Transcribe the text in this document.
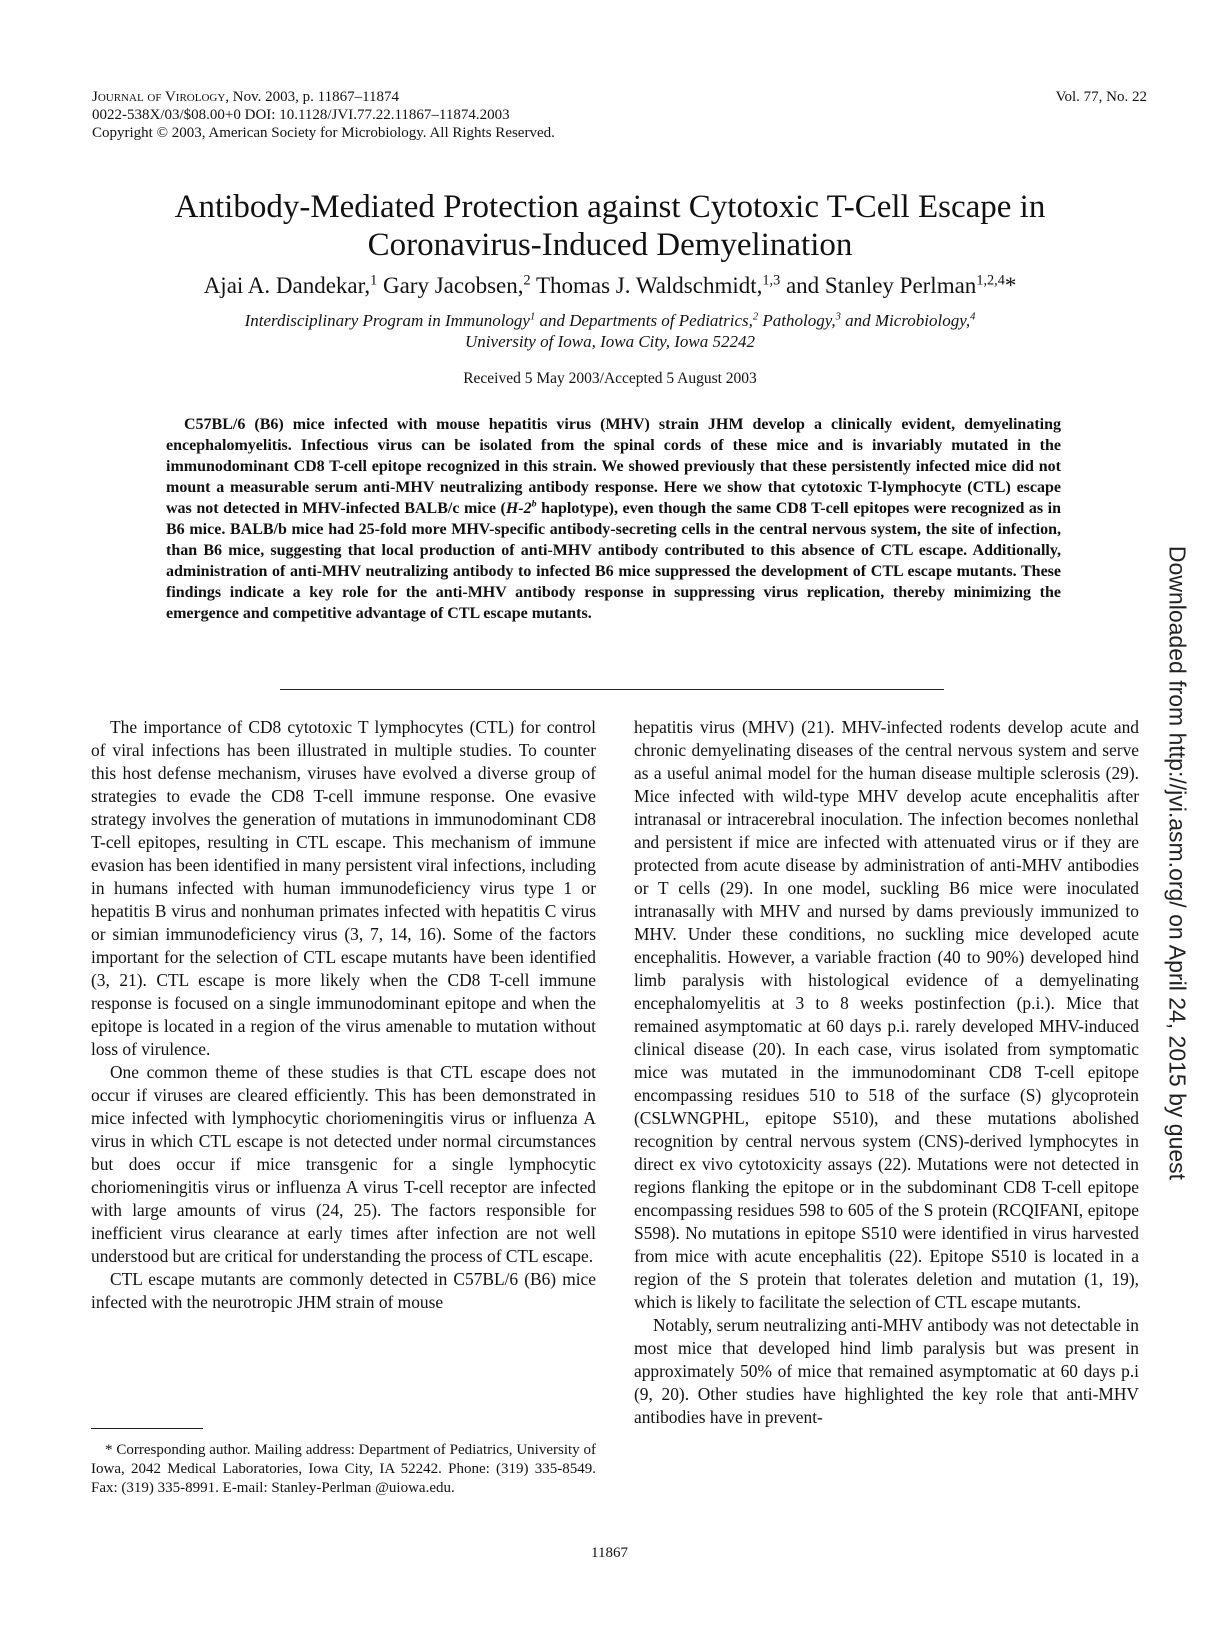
Journal of Virology, Nov. 2003, p. 11867–11874
0022-538X/03/$08.00+0 DOI: 10.1128/JVI.77.22.11867–11874.2003
Copyright © 2003, American Society for Microbiology. All Rights Reserved.
Vol. 77, No. 22
Antibody-Mediated Protection against Cytotoxic T-Cell Escape in
Coronavirus-Induced Demyelination
Ajai A. Dandekar,$^1$ Gary Jacobsen,$^2$ Thomas J. Waldschmidt,$^{1,3}$ and Stanley Perlman$^{1,2,4}$*
Interdisciplinary Program in Immunology$^1$ and Departments of Pediatrics,$^2$ Pathology,$^3$ and Microbiology,$^4$
University of Iowa, Iowa City, Iowa 52242
Received 5 May 2003/Accepted 5 August 2003

C57BL/6 (B6) mice infected with mouse hepatitis virus (MHV) strain JHM develop a clinically evident, demyelinating encephalomyelitis. Infectious virus can be isolated from the spinal cords of these mice and is invariably mutated in the immunodominant CD8 T-cell epitope recognized in this strain. We showed previously that these persistently infected mice did not mount a measurable serum anti-MHV neutralizing antibody response. Here we show that cytotoxic T-lymphocyte (CTL) escape was not detected in MHV-infected BALB/c mice (H-2$^b$ haplotype), even though the same CD8 T-cell epitopes were recognized as in B6 mice. BALB/b mice had 25-fold more MHV-specific antibody-secreting cells in the central nervous system, the site of infection, than B6 mice, suggesting that local production of anti-MHV antibody contributed to this absence of CTL escape. Additionally, administration of anti-MHV neutralizing antibody to infected B6 mice suppressed the development of CTL escape mutants. These findings indicate a key role for the anti-MHV antibody response in suppressing virus replication, thereby minimizing the emergence and competitive advantage of CTL escape mutants.

The importance of CD8 cytotoxic T lymphocytes (CTL) for control of viral infections has been illustrated in multiple studies. To counter this host defense mechanism, viruses have evolved a diverse group of strategies to evade the CD8 T-cell immune response. One evasive strategy involves the generation of mutations in immunodominant CD8 T-cell epitopes, resulting in CTL escape. This mechanism of immune evasion has been identified in many persistent viral infections, including in humans infected with human immunodeficiency virus type 1 or hepatitis B virus and nonhuman primates infected with hepatitis C virus or simian immunodeficiency virus (3, 7, 14, 16). Some of the factors important for the selection of CTL escape mutants have been identified (3, 21). CTL escape is more likely when the CD8 T-cell immune response is focused on a single immunodominant epitope and when the epitope is located in a region of the virus amenable to mutation without loss of virulence.

One common theme of these studies is that CTL escape does not occur if viruses are cleared efficiently. This has been demonstrated in mice infected with lymphocytic choriomeningitis virus or influenza A virus in which CTL escape is not detected under normal circumstances but does occur if mice transgenic for a single lymphocytic choriomeningitis virus or influenza A virus T-cell receptor are infected with large amounts of virus (24, 25). The factors responsible for inefficient virus clearance at early times after infection are not well understood but are critical for understanding the process of CTL escape.

CTL escape mutants are commonly detected in C57BL/6 (B6) mice infected with the neurotropic JHM strain of mouse

hepatitis virus (MHV) (21). MHV-infected rodents develop acute and chronic demyelinating diseases of the central nervous system and serve as a useful animal model for the human disease multiple sclerosis (29). Mice infected with wild-type MHV develop acute encephalitis after intranasal or intracerebral inoculation. The infection becomes nonlethal and persistent if mice are infected with attenuated virus or if they are protected from acute disease by administration of anti-MHV antibodies or T cells (29). In one model, suckling B6 mice were inoculated intranasally with MHV and nursed by dams previously immunized to MHV. Under these conditions, no suckling mice developed acute encephalitis. However, a variable fraction (40 to 90%) developed hind limb paralysis with histological evidence of a demyelinating encephalomyelitis at 3 to 8 weeks postinfection (p.i.). Mice that remained asymptomatic at 60 days p.i. rarely developed MHV-induced clinical disease (20). In each case, virus isolated from symptomatic mice was mutated in the immunodominant CD8 T-cell epitope encompassing residues 510 to 518 of the surface (S) glycoprotein (CSLWNGPHL, epitope S510), and these mutations abolished recognition by central nervous system (CNS)-derived lymphocytes in direct ex vivo cytotoxicity assays (22). Mutations were not detected in regions flanking the epitope or in the subdominant CD8 T-cell epitope encompassing residues 598 to 605 of the S protein (RCQIFANI, epitope S598). No mutations in epitope S510 were identified in virus harvested from mice with acute encephalitis (22). Epitope S510 is located in a region of the S protein that tolerates deletion and mutation (1, 19), which is likely to facilitate the selection of CTL escape mutants.

Notably, serum neutralizing anti-MHV antibody was not detectable in most mice that developed hind limb paralysis but was present in approximately 50% of mice that remained asymptomatic at 60 days p.i (9, 20). Other studies have highlighted the key role that anti-MHV antibodies have in prevent-

* Corresponding author. Mailing address: Department of Pediatrics, University of Iowa, 2042 Medical Laboratories, Iowa City, IA 52242. Phone: (319) 335-8549. Fax: (319) 335-8991. E-mail: Stanley-Perlman @uiowa.edu.

11867
Downloaded from http://jvi.asm.org/ on April 24, 2015 by guest
